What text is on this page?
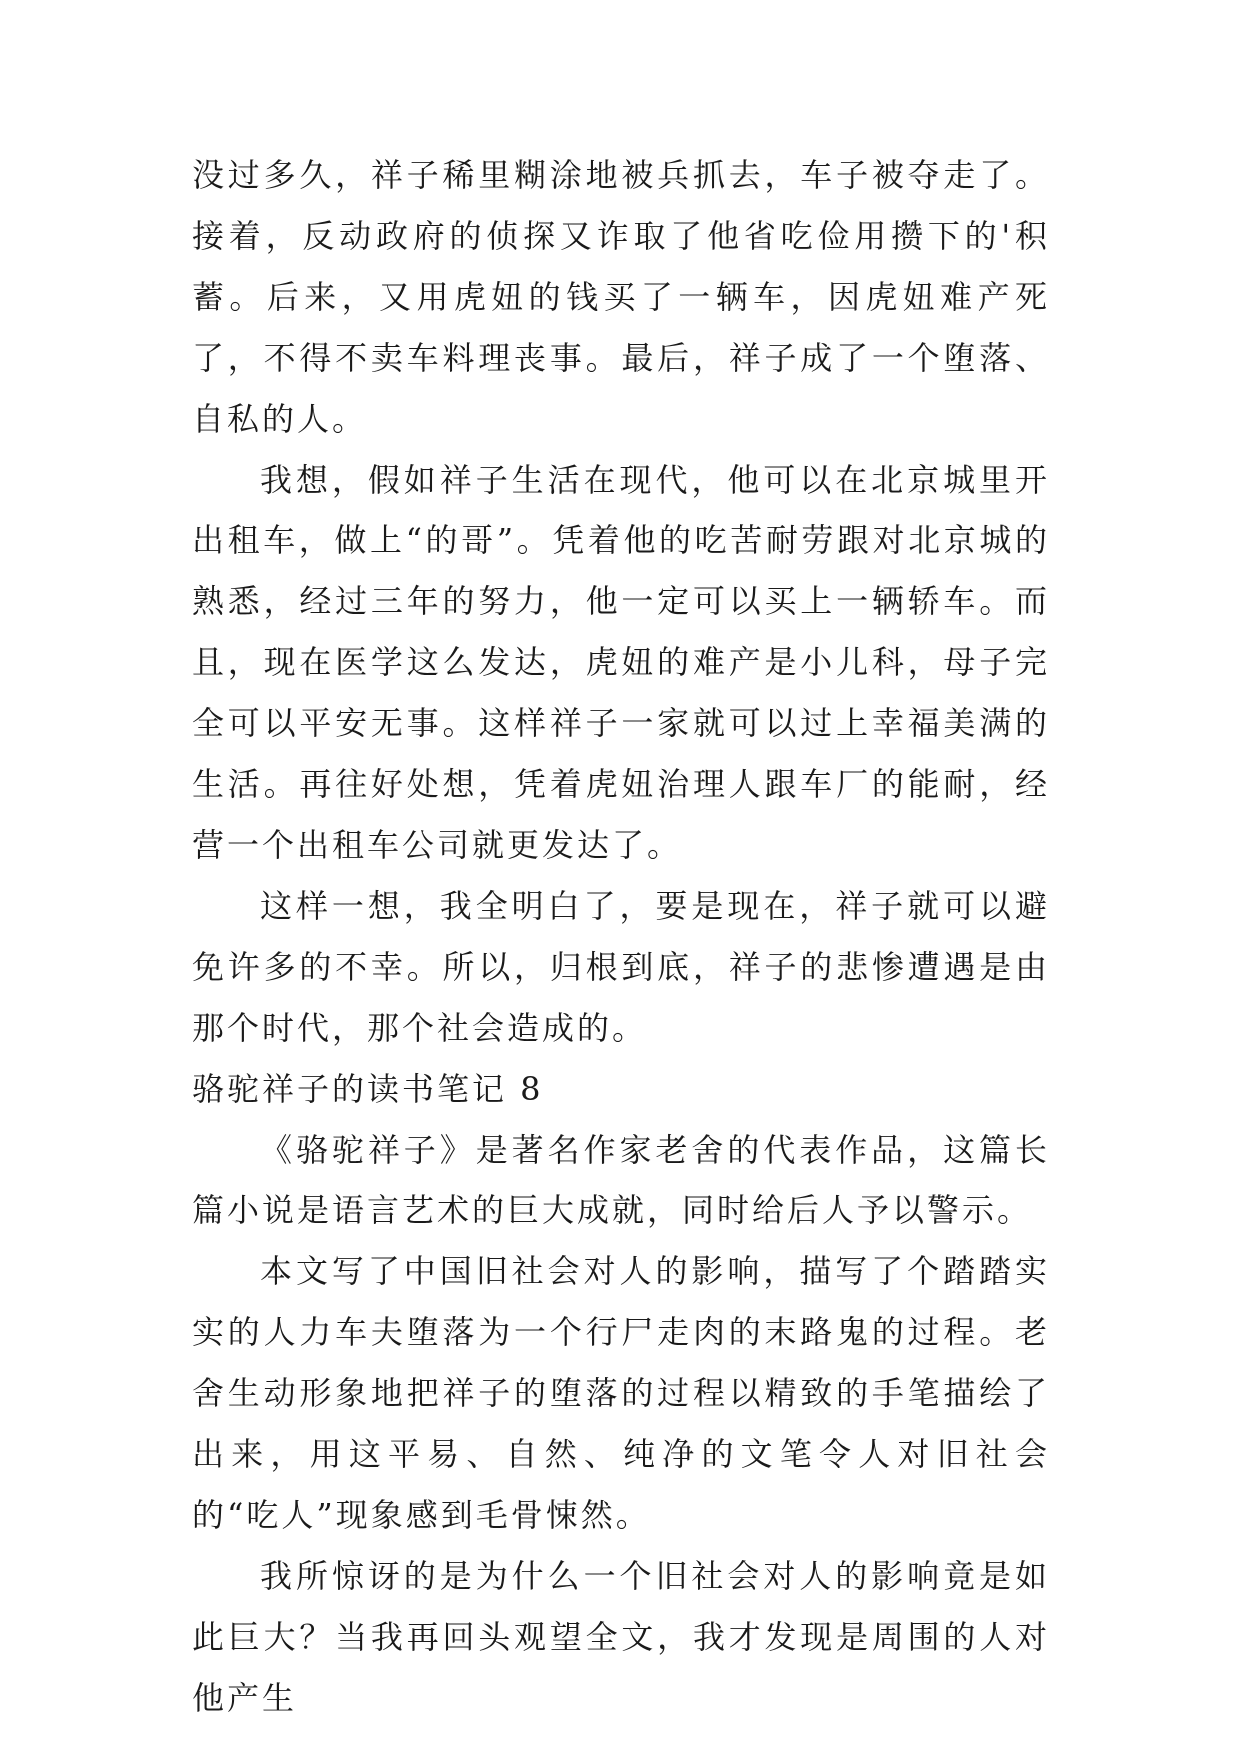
没过多久，祥子稀里糊涂地被兵抓去，车子被夺走了。接着，反动政府的侦探又诈取了他省吃俭用攒下的'积蓄。后来，又用虎妞的钱买了一辆车，因虎妞难产死了，不得不卖车料理丧事。最后，祥子成了一个堕落、自私的人。

我想，假如祥子生活在现代，他可以在北京城里开出租车，做上“的哥”。凭着他的吃苦耐劳跟对北京城的熟悉，经过三年的努力，他一定可以买上一辆轿车。而且，现在医学这么发达，虎妞的难产是小儿科，母子完全可以平安无事。这样祥子一家就可以过上幸福美满的生活。再往好处想，凭着虎妞治理人跟车厂的能耐，经营一个出租车公司就更发达了。

这样一想，我全明白了，要是现在，祥子就可以避免许多的不幸。所以，归根到底，祥子的悲惨遭遇是由那个时代，那个社会造成的。

骆驼祥子的读书笔记 8

《骆驼祥子》是著名作家老舍的代表作品，这篇长篇小说是语言艺术的巨大成就，同时给后人予以警示。

本文写了中国旧社会对人的影响，描写了个踏踏实实的人力车夫堕落为一个行尸走肉的末路鬼的过程。老舍生动形象地把祥子的堕落的过程以精致的手笔描绘了出来，用这平易、自然、纯净的文笔令人对旧社会的“吃人”现象感到毛骨悚然。

我所惊讶的是为什么一个旧社会对人的影响竟是如此巨大？当我再回头观望全文，我才发现是周围的人对他产生
